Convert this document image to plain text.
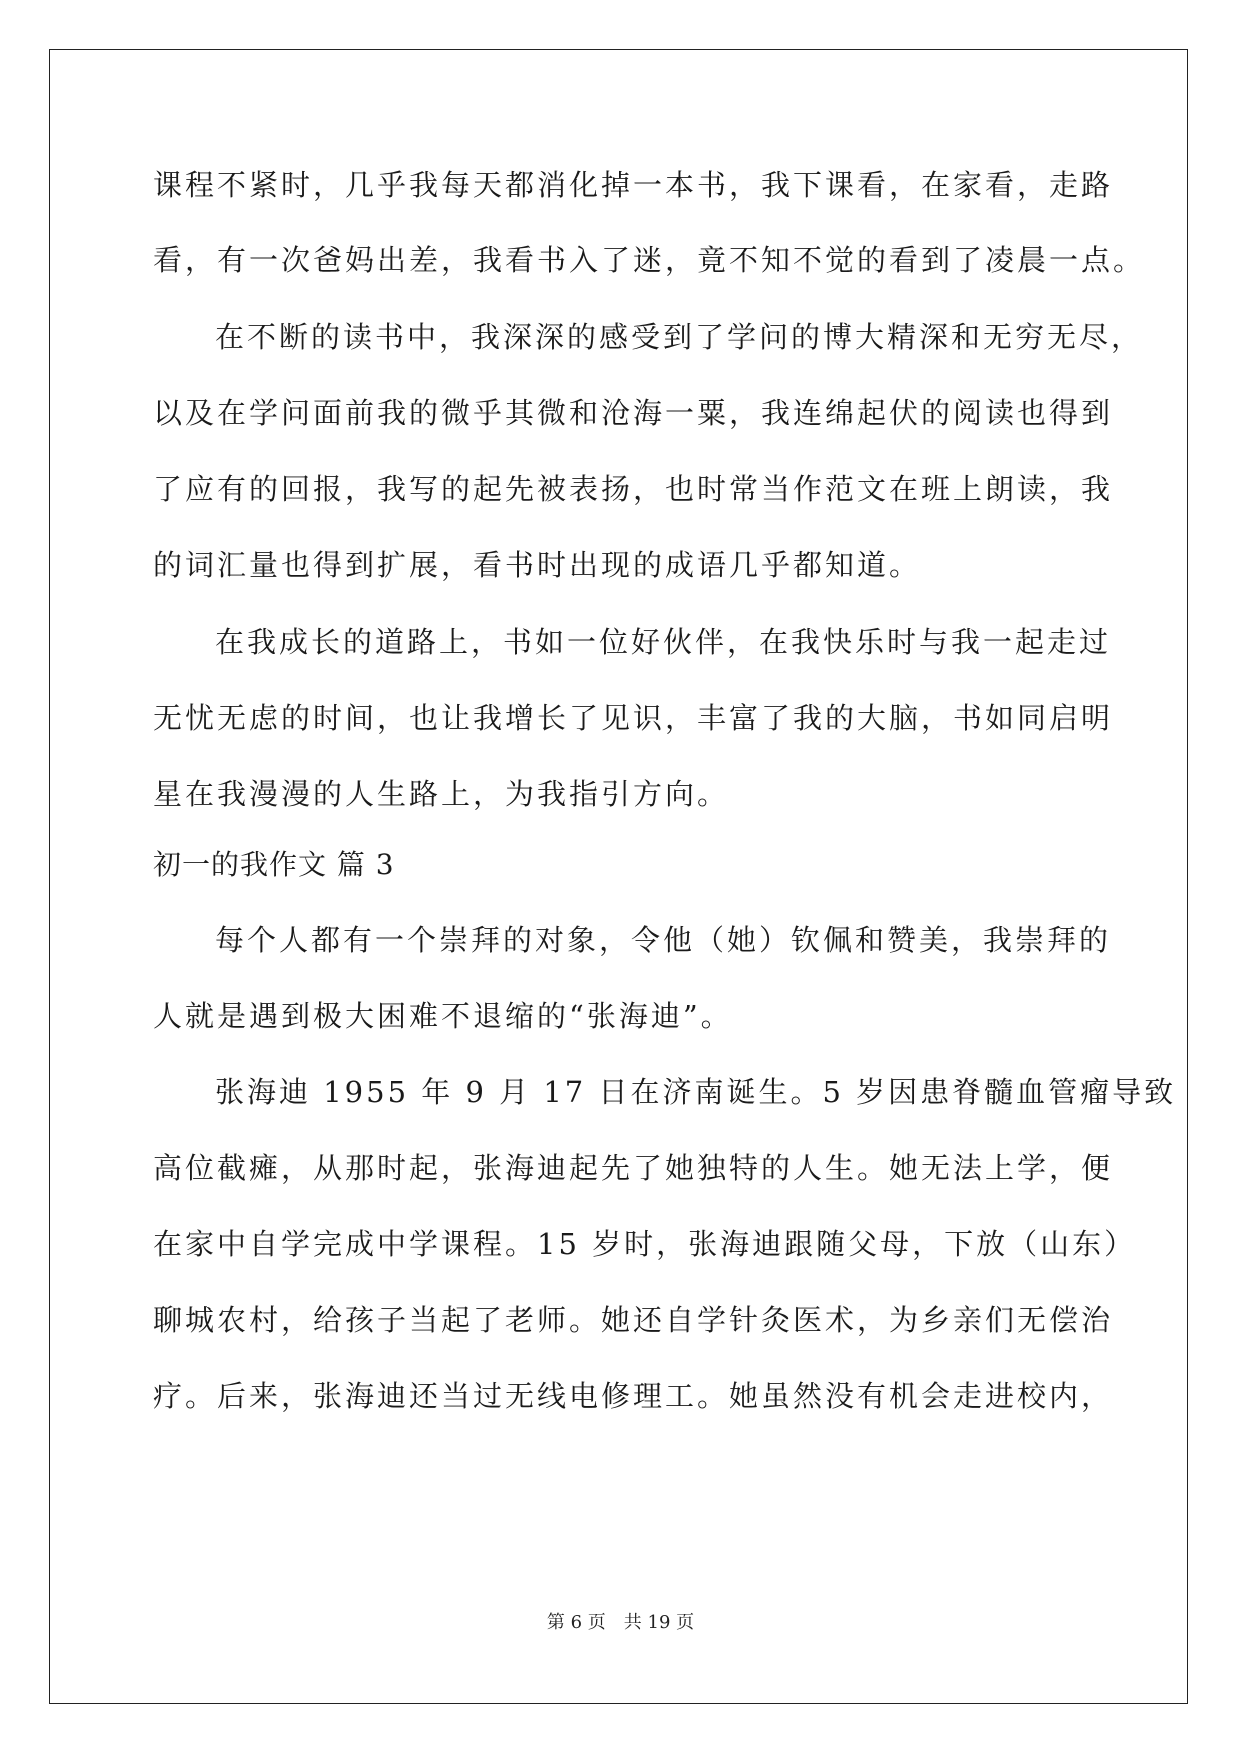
课程不紧时，几乎我每天都消化掉一本书，我下课看，在家看，走路
看，有一次爸妈出差，我看书入了迷，竟不知不觉的看到了凌晨一点。
在不断的读书中，我深深的感受到了学问的博大精深和无穷无尽，
以及在学问面前我的微乎其微和沧海一粟，我连绵起伏的阅读也得到
了应有的回报，我写的起先被表扬，也时常当作范文在班上朗读，我
的词汇量也得到扩展，看书时出现的成语几乎都知道。
在我成长的道路上，书如一位好伙伴，在我快乐时与我一起走过
无忧无虑的时间，也让我增长了见识，丰富了我的大脑，书如同启明
星在我漫漫的人生路上，为我指引方向。
初一的我作文 篇 3
每个人都有一个崇拜的对象，令他（她）钦佩和赞美，我崇拜的
人就是遇到极大困难不退缩的“张海迪”。
张海迪 1955 年 9 月 17 日在济南诞生。5 岁因患脊髓血管瘤导致
高位截瘫，从那时起，张海迪起先了她独特的人生。她无法上学，便
在家中自学完成中学课程。15 岁时，张海迪跟随父母，下放（山东）
聊城农村，给孩子当起了老师。她还自学针灸医术，为乡亲们无偿治
疗。后来，张海迪还当过无线电修理工。她虽然没有机会走进校内，
第 6 页 共 19 页
